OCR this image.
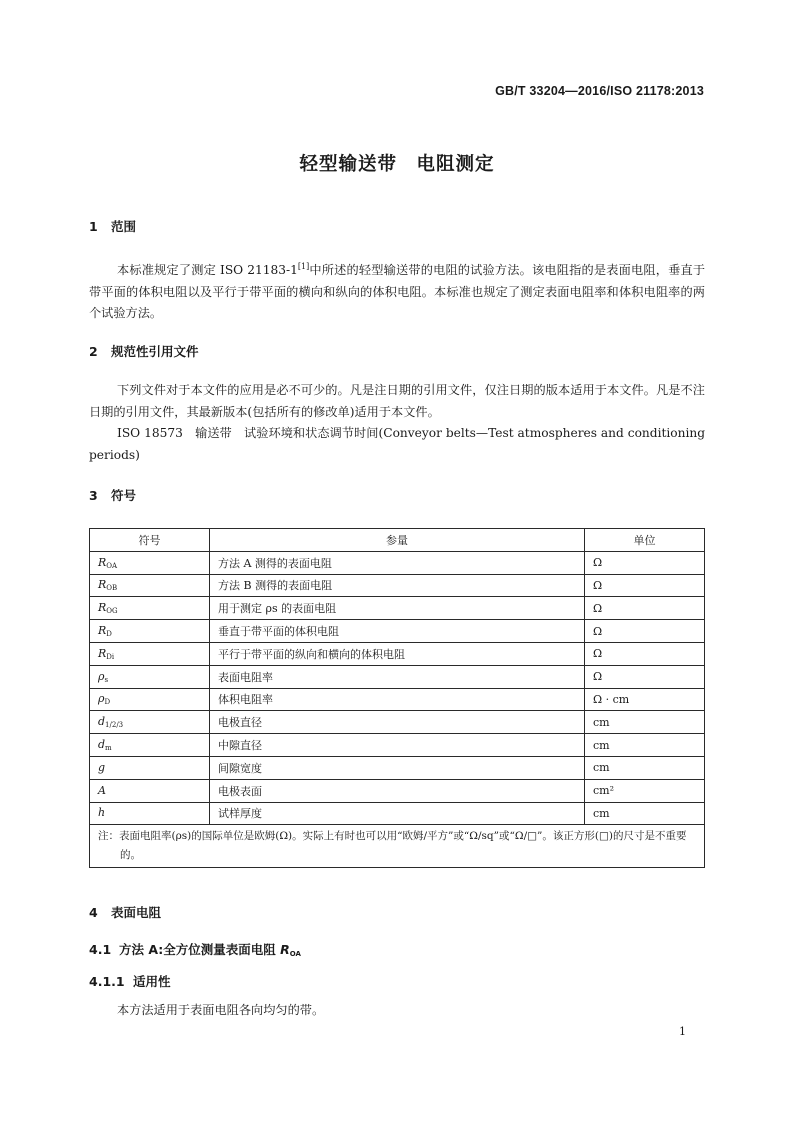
GB/T 33204—2016/ISO 21178:2013
轻型输送带　电阻测定
1 范围
本标准规定了测定 ISO 21183-1[1]中所述的轻型输送带的电阻的试验方法。该电阻指的是表面电阻，垂直于带平面的体积电阻以及平行于带平面的横向和纵向的体积电阻。本标准也规定了测定表面电阻率和体积电阻率的两个试验方法。
2 规范性引用文件
下列文件对于本文件的应用是必不可少的。凡是注日期的引用文件，仅注日期的版本适用于本文件。凡是不注日期的引用文件，其最新版本(包括所有的修改单)适用于本文件。
ISO 18573　输送带　试验环境和状态调节时间(Conveyor belts—Test atmospheres and conditioning periods)
3 符号
符号	参量	单位
$R_{OA}$	方法 A 测得的表面电阻	Ω
$R_{OB}$	方法 B 测得的表面电阻	Ω
$R_{OG}$	用于测定 ρs 的表面电阻	Ω
$R_D$	垂直于带平面的体积电阻	Ω
$R_{Di}$	平行于带平面的纵向和横向的体积电阻	Ω
$\rho_s$	表面电阻率	Ω
$\rho_D$	体积电阻率	Ω · cm
$d_{1/2/3}$	电极直径	cm
$d_m$	中隙直径	cm
g	间隙宽度	cm
A	电极表面	cm²
h	试样厚度	cm
注：表面电阻率(ρs)的国际单位是欧姆(Ω)。实际上有时也可以用“欧姆/平方”或“Ω/sq”或“Ω/□”。该正方形(□)的尺寸是不重要的。		
4 表面电阻
4.1 方法 A:全方位测量表面电阻 $R_{OA}$
4.1.1 适用性
本方法适用于表面电阻各向均匀的带。
1
